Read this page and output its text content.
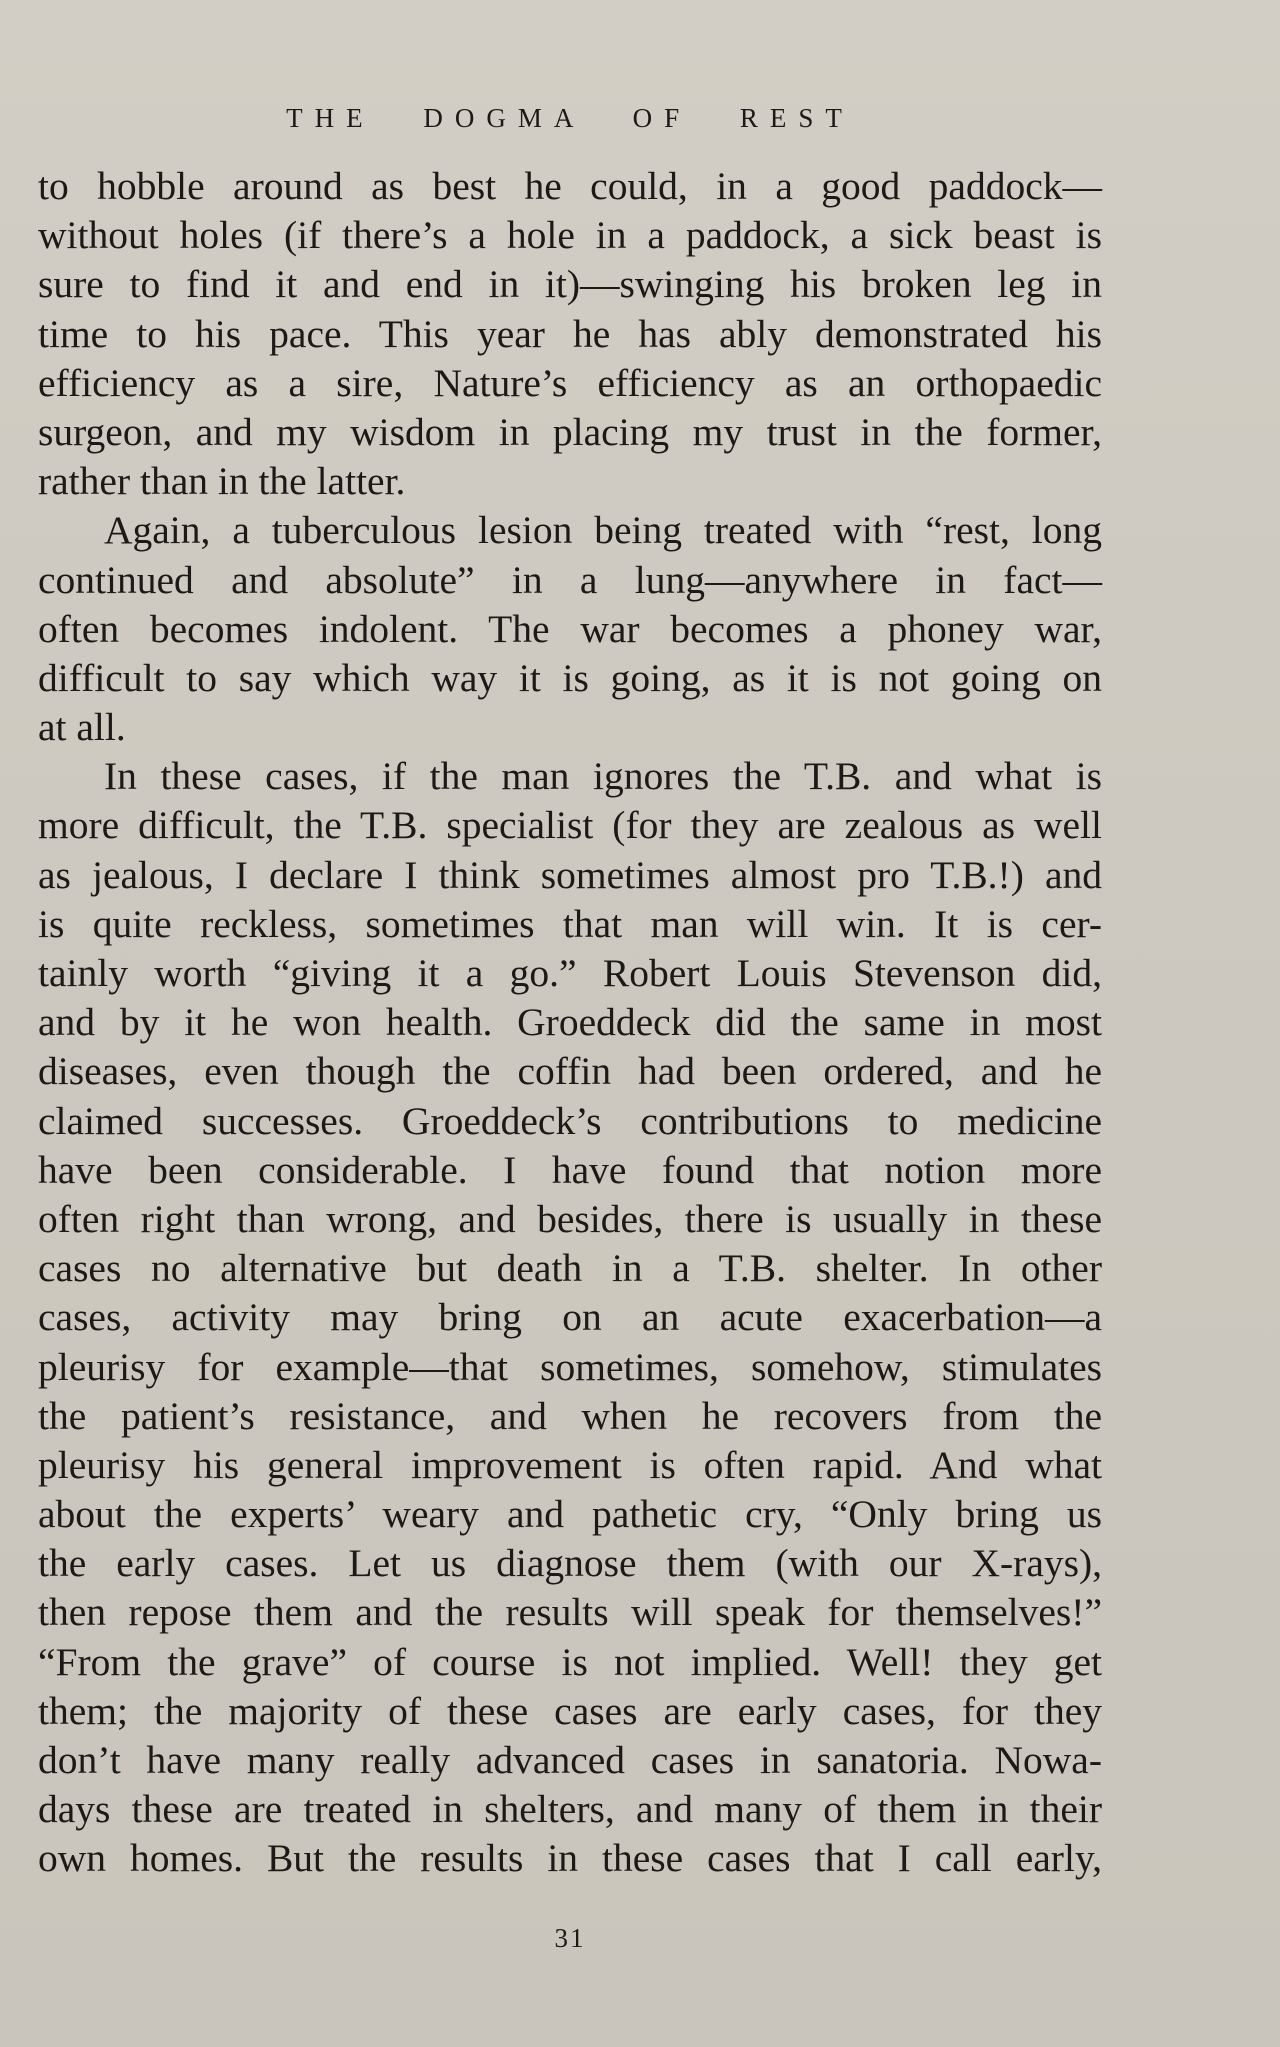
THE DOGMA OF REST
to hobble around as best he could, in a good paddock—
without holes (if there’s a hole in a paddock, a sick beast is
sure to find it and end in it)—swinging his broken leg in
time to his pace. This year he has ably demonstrated his
efficiency as a sire, Nature’s efficiency as an orthopaedic
surgeon, and my wisdom in placing my trust in the former,
rather than in the latter.
Again, a tuberculous lesion being treated with “rest, long
continued and absolute” in a lung—anywhere in fact—
often becomes indolent. The war becomes a phoney war,
difficult to say which way it is going, as it is not going on
at all.
In these cases, if the man ignores the T.B. and what is
more difficult, the T.B. specialist (for they are zealous as well
as jealous, I declare I think sometimes almost pro T.B.!) and
is quite reckless, sometimes that man will win. It is cer-
tainly worth “giving it a go.” Robert Louis Stevenson did,
and by it he won health. Groeddeck did the same in most
diseases, even though the coffin had been ordered, and he
claimed successes. Groeddeck’s contributions to medicine
have been considerable. I have found that notion more
often right than wrong, and besides, there is usually in these
cases no alternative but death in a T.B. shelter. In other
cases, activity may bring on an acute exacerbation—a
pleurisy for example—that sometimes, somehow, stimulates
the patient’s resistance, and when he recovers from the
pleurisy his general improvement is often rapid. And what
about the experts’ weary and pathetic cry, “Only bring us
the early cases. Let us diagnose them (with our X-rays),
then repose them and the results will speak for themselves!”
“From the grave” of course is not implied. Well! they get
them; the majority of these cases are early cases, for they
don’t have many really advanced cases in sanatoria. Nowa-
days these are treated in shelters, and many of them in their
own homes. But the results in these cases that I call early,
31
